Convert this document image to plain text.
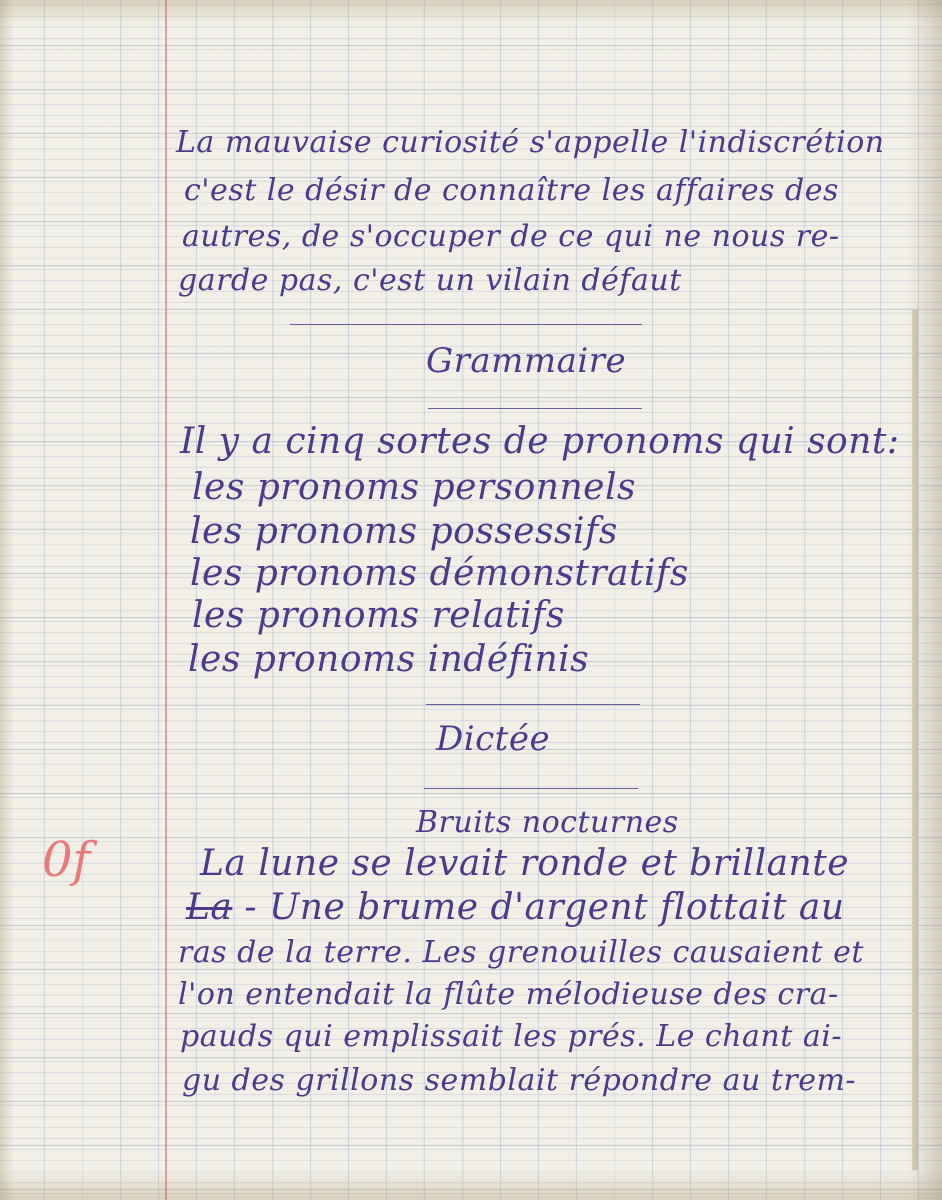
La mauvaise curiosité s'appelle l'indiscrétion
c'est le désir de connaître les affaires des
autres, de s'occuper de ce qui ne nous re-
garde pas, c'est un vilain défaut
Grammaire
Il y a cinq sortes de pronoms qui sont:
les pronoms personnels
les pronoms possessifs
les pronoms démonstratifs
les pronoms relatifs
les pronoms indéfinis
Dictée
Bruits nocturnes
0f	La lune se levait ronde et brillante
La - Une brume d'argent flottait au
ras de la terre. Les grenouilles causaient et
l'on entendait la flûte mélodieuse des cra-
pauds qui emplissait les prés. Le chant ai-
gu des grillons semblait répondre au trem-
